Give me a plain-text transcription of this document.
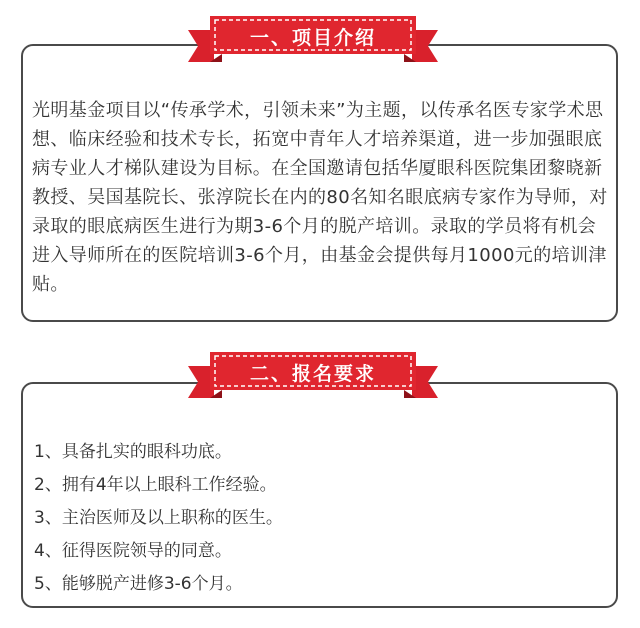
一、项目介绍

光明基金项目以“传承学术，引领未来”为主题，以传承名医专家学术思想、临床经验和技术专长，拓宽中青年人才培养渠道，进一步加强眼底病专业人才梯队建设为目标。在全国邀请包括华厦眼科医院集团黎晓新教授、吴国基院长、张淳院长在内的80名知名眼底病专家作为导师，对录取的眼底病医生进行为期3-6个月的脱产培训。录取的学员将有机会进入导师所在的医院培训3-6个月，由基金会提供每月1000元的培训津贴。

二、报名要求
1、具备扎实的眼科功底。
2、拥有4年以上眼科工作经验。
3、主治医师及以上职称的医生。
4、征得医院领导的同意。
5、能够脱产进修3-6个月。
